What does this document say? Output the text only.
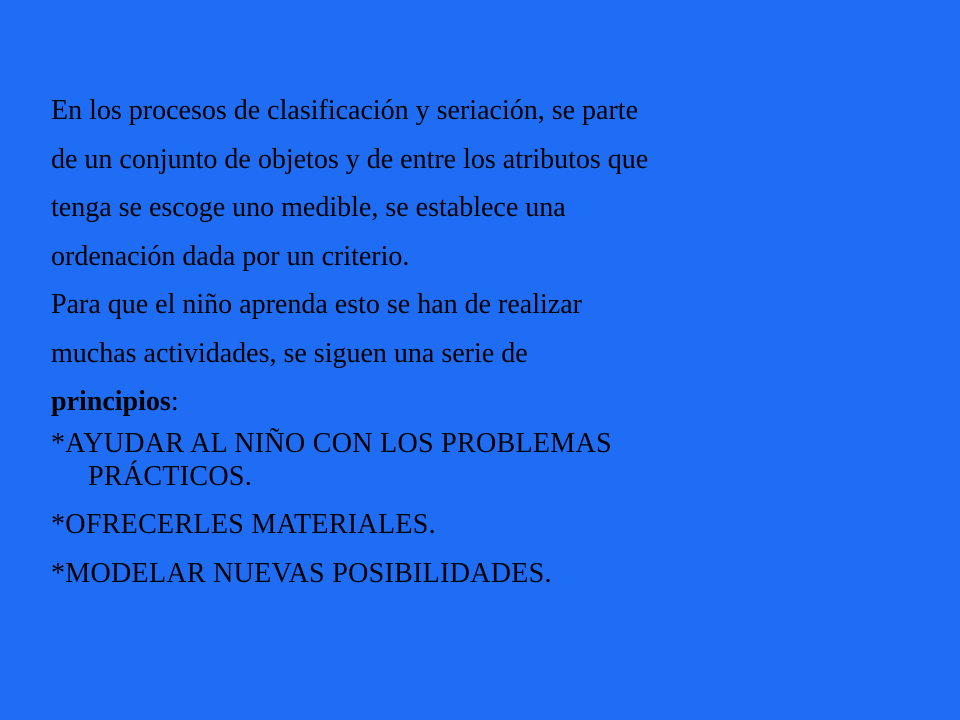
En los procesos de clasificación y seriación, se parte
de un conjunto de objetos y de entre los atributos que
tenga se escoge uno medible, se establece una
ordenación dada por un criterio.
Para que el niño aprenda esto se han de realizar
muchas actividades, se siguen una serie de
principios:
*AYUDAR AL NIÑO CON LOS PROBLEMAS
PRÁCTICOS.
*OFRECERLES MATERIALES.
*MODELAR NUEVAS POSIBILIDADES.
